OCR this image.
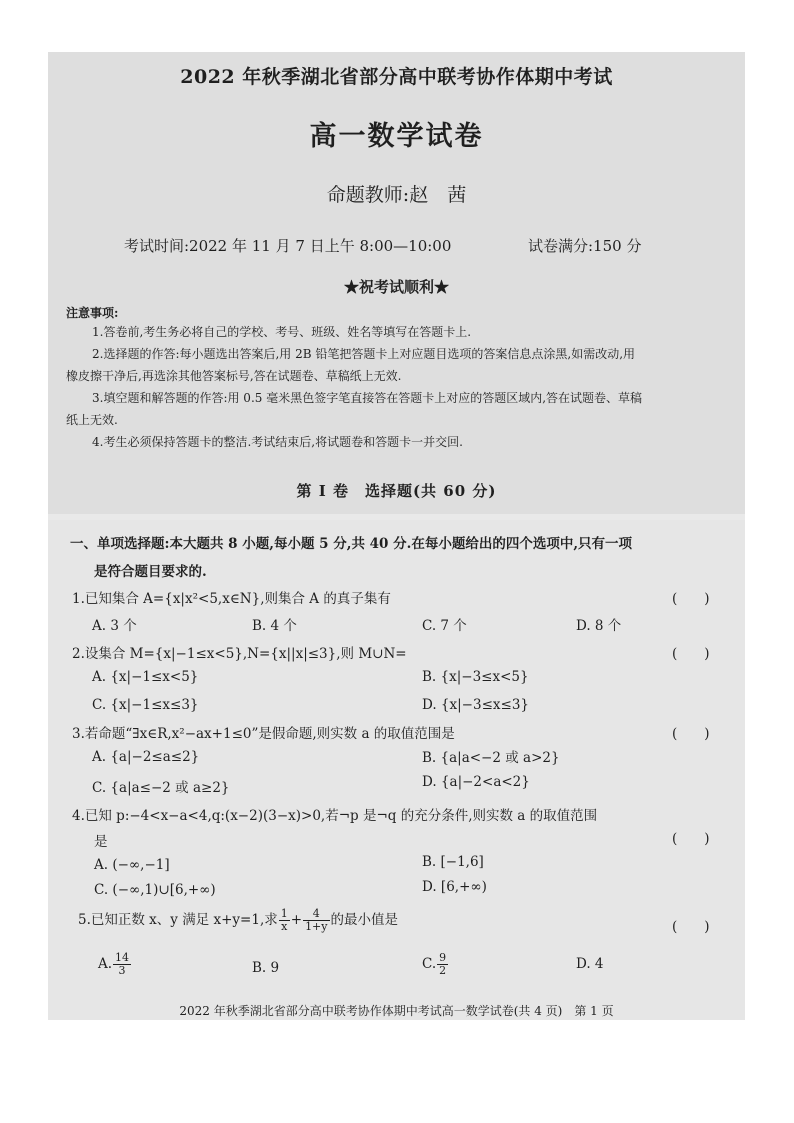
2022 年秋季湖北省部分高中联考协作体期中考试
高一数学试卷
命题教师:赵　茜
考试时间:2022 年 11 月 7 日上午 8:00—10:00	试卷满分:150 分
★祝考试顺利★
注意事项:
1.答卷前,考生务必将自己的学校、考号、班级、姓名等填写在答题卡上.
2.选择题的作答:每小题选出答案后,用 2B 铅笔把答题卡上对应题目选项的答案信息点涂黑,如需改动,用
橡皮擦干净后,再选涂其他答案标号,答在试题卷、草稿纸上无效.
3.填空题和解答题的作答:用 0.5 毫米黑色签字笔直接答在答题卡上对应的答题区域内,答在试题卷、草稿
纸上无效.
4.考生必须保持答题卡的整洁.考试结束后,将试题卷和答题卡一并交回.
第 Ⅰ 卷　选择题(共 60 分)
一、单项选择题:本大题共 8 小题,每小题 5 分,共 40 分.在每小题给出的四个选项中,只有一项
是符合题目要求的.
1.已知集合 A={x|x²<5,x∈N},则集合 A 的真子集有	(　　)
A. 3 个	B. 4 个	C. 7 个	D. 8 个
2.设集合 M={x|−1≤x<5},N={x||x|≤3},则 M∪N=	(　　)
A. {x|−1≤x<5}	B. {x|−3≤x<5}
C. {x|−1≤x≤3}	D. {x|−3≤x≤3}
3.若命题“∃x∈R,x²−ax+1≤0”是假命题,则实数 a 的取值范围是	(　　)
A. {a|−2≤a≤2}	B. {a|a<−2 或 a>2}
C. {a|a≤−2 或 a≥2}	D. {a|−2<a<2}
4.已知 p:−4<x−a<4,q:(x−2)(3−x)>0,若¬p 是¬q 的充分条件,则实数 a 的取值范围
是	(　　)
A. (−∞,−1]	B. [−1,6]
C. (−∞,1)∪[6,+∞)	D. [6,+∞)
5.已知正数 x、y 满足 x+y=1,求 $\frac{1}{x} + \frac{4}{1+y}$ 的最小值是	(　　)
A. $\frac{14}{3}$	B. 9	C. $\frac{9}{2}$	D. 4
2022 年秋季湖北省部分高中联考协作体期中考试高一数学试卷(共 4 页)　第 1 页
